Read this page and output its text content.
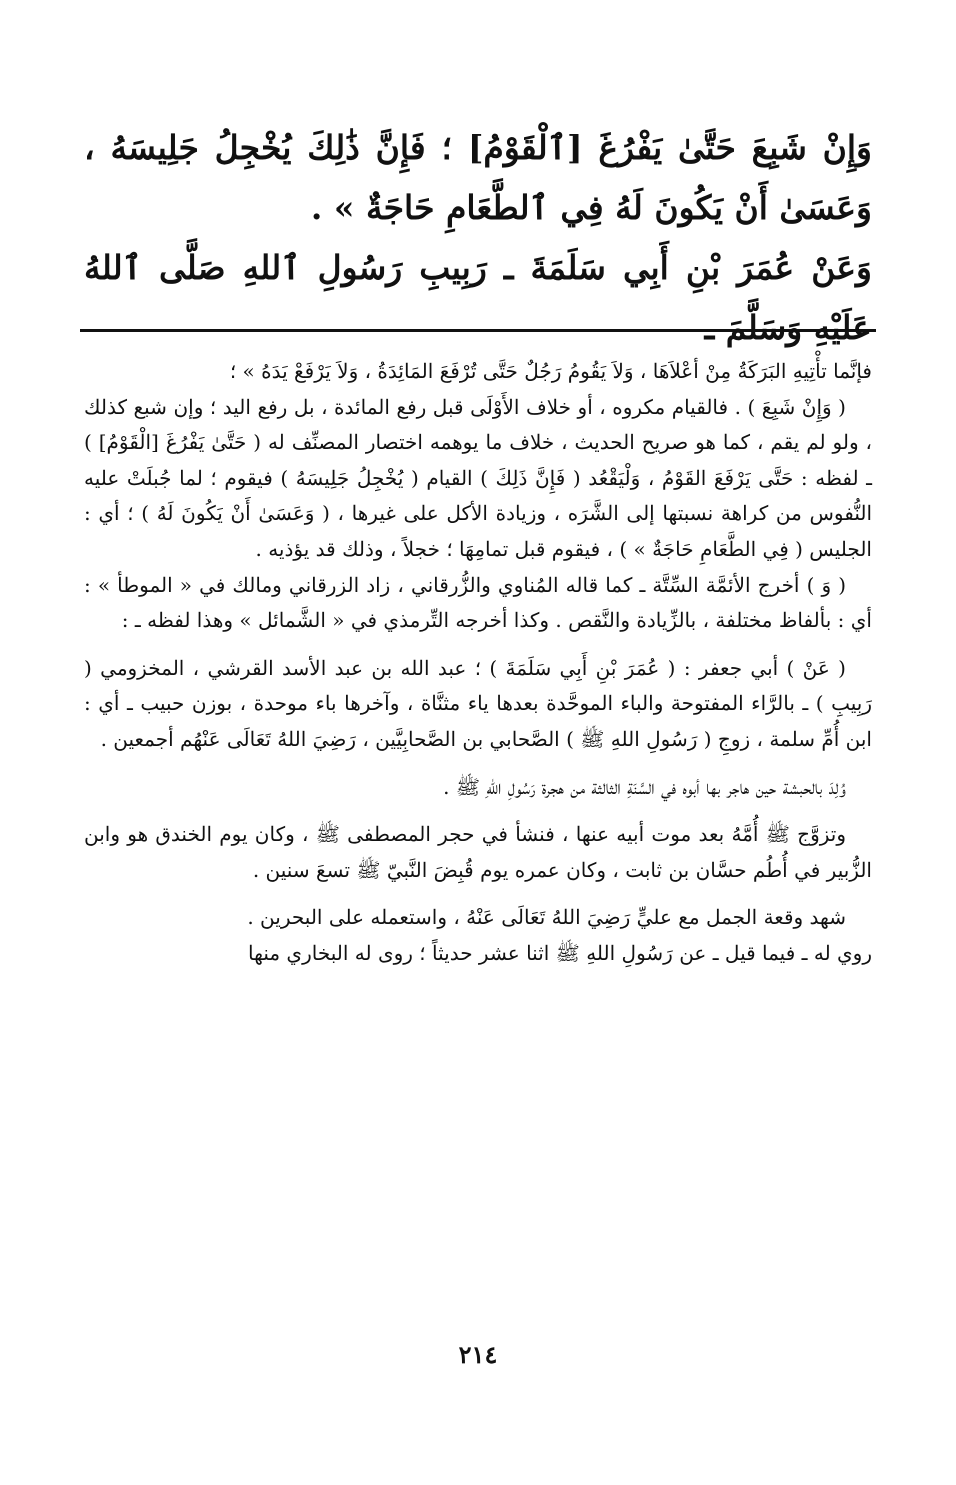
وَإِنْ شَبِعَ حَتَّىٰ يَفْرُغَ [ٱلْقَوْمُ] ؛ فَإِنَّ ذَٰلِكَ يُخْجِلُ جَلِيسَهُ ، وَعَسَىٰ أَنْ يَكُونَ لَهُ فِي ٱلطَّعَامِ حَاجَةٌ » .

وَعَنْ عُمَرَ بْنِ أَبِي سَلَمَةَ ـ رَبِيبِ رَسُولِ ٱللهِ صَلَّى ٱللهُ عَلَيْهِ وَسَلَّمَ ـ

فإنَّما تأْتِيهِ البَرَكَةُ مِنْ أعْلاَهَا ، وَلاَ يَقُومُ رَجُلٌ حَتَّى تُرْفَعَ المَائِدَةُ ، وَلاَ يَرْفَعْ يَدَهُ » ؛

( وَإِنْ شَبِعَ ) . فالقيام مكروه ، أو خلاف الأَوْلَى قبل رفع المائدة ، بل رفع اليد ؛ وإن شبع كذلك ، ولو لم يقم ، كما هو صريح الحديث ، خلاف ما يوهمه اختصار المصنِّف له ( حَتَّىٰ يَفْرُغَ [الْقَوْمُ] ) ـ لفظه : حَتَّى يَرْفَعَ القَوْمُ ، وَلْيَقْعُد ( فَإِنَّ ذَلِكَ ) القيام ( يُخْجِلُ جَلِيسَهُ ) فيقوم ؛ لما جُبلَتْ عليه النُّفوس من كراهة نسبتها إلى الشَّرَه ، وزيادة الأكل على غيرها ، ( وَعَسَىٰ أَنْ يَكُونَ لَهُ ) ؛ أي : الجليس ( فِي الطَّعَامِ حَاجَةٌ » ) ، فيقوم قبل تمامِهَا ؛ خجلاً ، وذلك قد يؤذيه .

( وَ ) أخرج الأئمَّة السِّتَّة ـ كما قاله المُناوي والزُّرقاني ، زاد الزرقاني ومالك في « الموطأ » : أي : بألفاظ مختلفة ، بالزِّيادة والنَّقص . وكذا أخرجه التِّرمذي في « الشَّمائل » وهذا لفظه ـ :

( عَنْ ) أبي جعفر : ( عُمَرَ بْنِ أَبِي سَلَمَةَ ) ؛ عبد الله بن عبد الأسد القرشي ، المخزومي ( رَبِيبِ ) ـ بالرَّاء المفتوحة والباء الموحَّدة بعدها ياء مثنَّاة ، وآخرها باء موحدة ، بوزن حبيب ـ أي : ابن أُمِّ سلمة ، زوجِ ( رَسُولِ اللهِ ﷺ ) الصَّحابي بن الصَّحابِيَّين ، رَضِيَ اللهُ تَعَالَى عَنْهُم أجمعين .

وُلِدَ بالحبشة حين هاجر بها أبوه في السَّنَةِ الثالثة من هجرة رَسُولِ اللهِ ﷺ .

وتزوَّج ﷺ أُمَّهُ بعد موت أبيه عنها ، فنشأ في حجر المصطفى ﷺ ، وكان يوم الخندق هو وابن الزُّبير في أُطُم حسَّان بن ثابت ، وكان عمره يوم قُبِضَ النَّبيّ ﷺ تسعَ سنين .

شهد وقعة الجمل مع عليٍّ رَضِيَ اللهُ تَعَالَى عَنْهُ ، واستعمله على البحرين .

روي له ـ فيما قيل ـ عن رَسُولِ اللهِ ﷺ اثنا عشر حديثاً ؛ روى له البخاري منها

٢١٤
